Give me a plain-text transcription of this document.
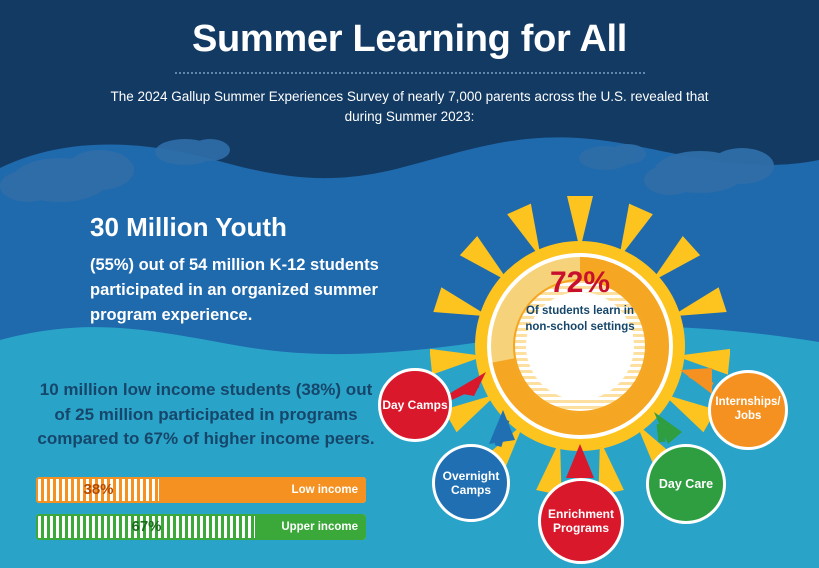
Summer Learning for All

The 2024 Gallup Summer Experiences Survey of nearly 7,000 parents across the U.S. revealed that during Summer 2023:

72%
Of students learn in non-school settings
Day Camps
Overnight Camps
Enrichment Programs
Day Care
Internships/ Jobs
30 Million Youth

(55%) out of 54 million K-12 students participated in an organized summer program experience.

10 million low income students (38%) out of 25 million participated in programs compared to 67% of higher income peers.

38%	Low income
67%	Upper income
